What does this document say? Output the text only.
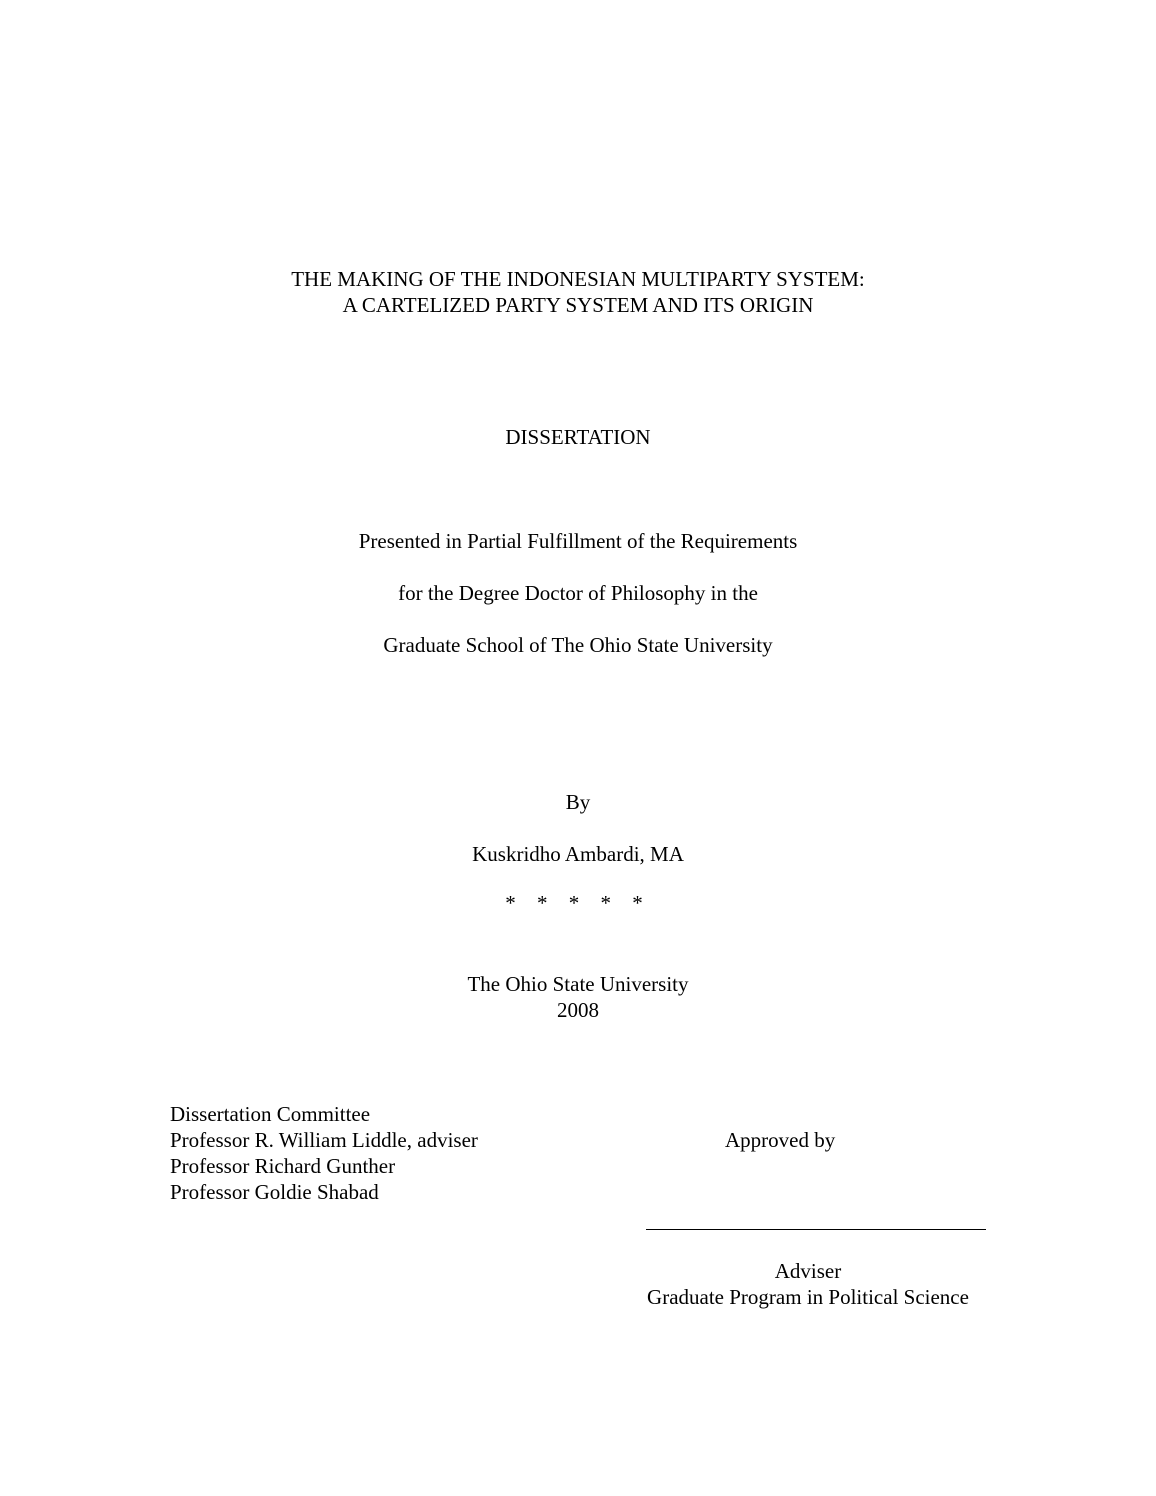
THE MAKING OF THE INDONESIAN MULTIPARTY SYSTEM:
A CARTELIZED PARTY SYSTEM AND ITS ORIGIN
DISSERTATION
Presented in Partial Fulfillment of the Requirements
for the Degree Doctor of Philosophy in the
Graduate School of The Ohio State University
By
Kuskridho Ambardi, MA
* * * * *
The Ohio State University
2008
Dissertation Committee
Professor R. William Liddle, adviser
Professor Richard Gunther
Professor Goldie Shabad
Approved by
Adviser
Graduate Program in Political Science
